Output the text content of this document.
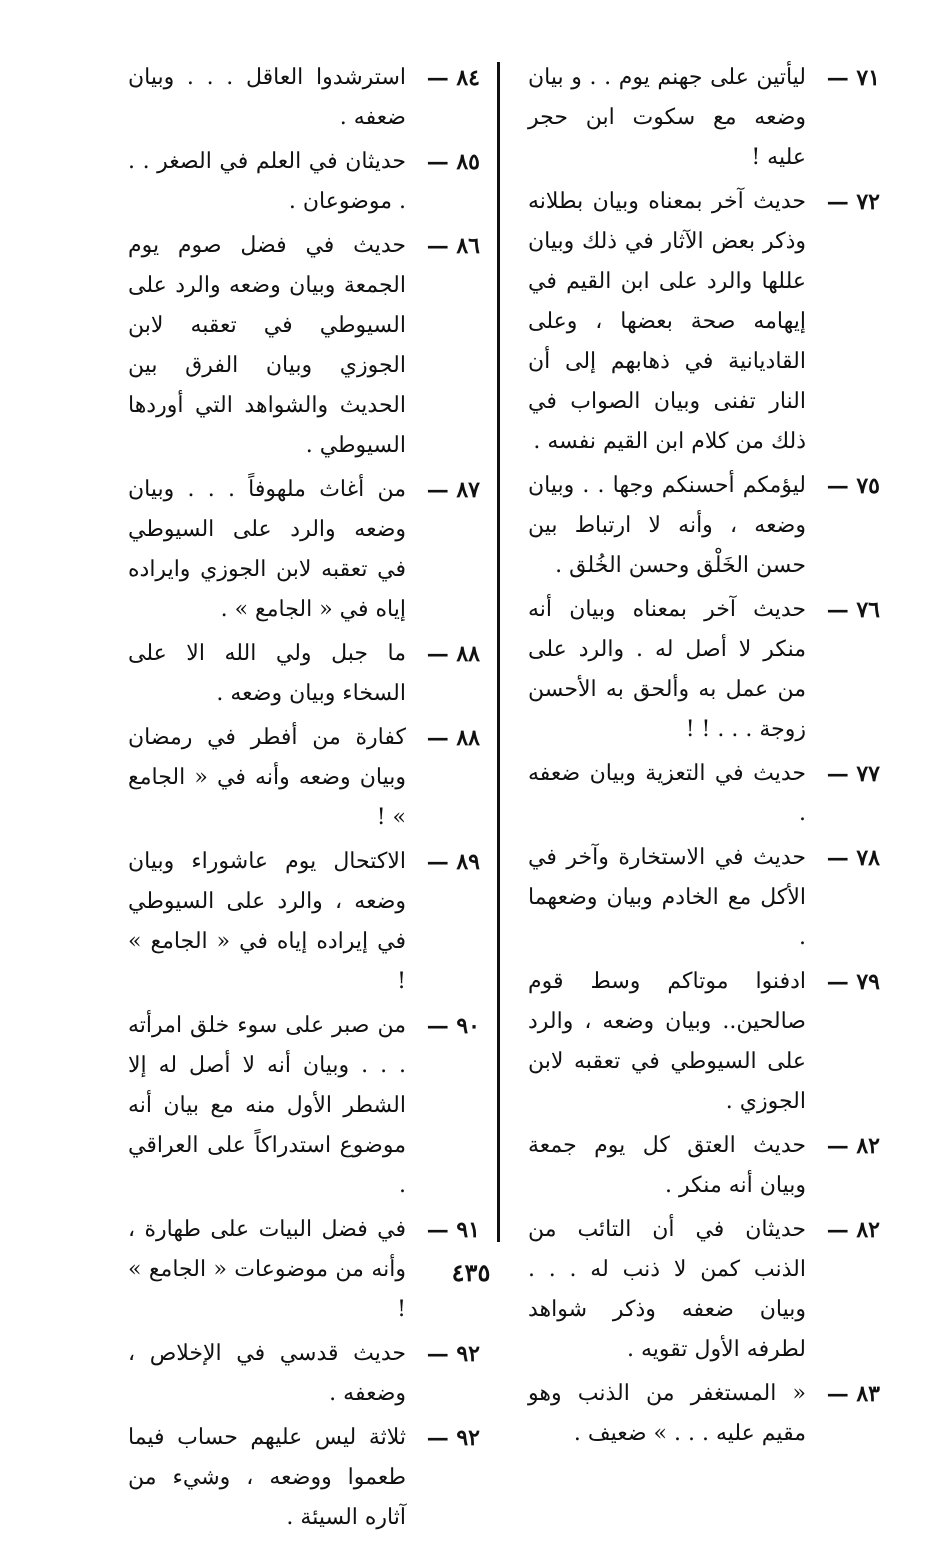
٧١ —
ليأتين على جهنم يوم . . و بيان وضعه مع سكوت ابن حجر عليه !
٧٢ —
حديث آخر بمعناه وبيان بطلانه وذكر بعض الآثار في ذلك وبيان عللها والرد على ابن القيم في إيهامه صحة بعضها ، وعلى القاديانية في ذهابهم إلى أن النار تفنى وبيان الصواب في ذلك من كلام ابن القيم نفسه .
٧٥ —
ليؤمكم أحسنكم وجها . . وبيان وضعه ، وأنه لا ارتباط بين حسن الخَلْق وحسن الخُلق .
٧٦ —
حديث آخر بمعناه وبيان أنه منكر لا أصل له . والرد على من عمل به وألحق به الأحسن زوجة . . . ! !
٧٧ —
حديث في التعزية وبيان ضعفه .
٧٨ —
حديث في الاستخارة وآخر في الأكل مع الخادم وبيان وضعهما .
٧٩ —
ادفنوا موتاكم وسط قوم صالحين.. وبيان وضعه ، والرد على السيوطي في تعقبه لابن الجوزي .
٨٢ —
حديث العتق كل يوم جمعة وبيان أنه منكر .
٨٢ —
حديثان في أن التائب من الذنب كمن لا ذنب له . . . وبيان ضعفه وذكر شواهد لطرفه الأول تقويه .
٨٣ —
« المستغفر من الذنب وهو مقيم عليه . . . » ضعيف .
٨٤ —
استرشدوا العاقل . . . وبيان ضعفه .
٨٥ —
حديثان في العلم في الصغر . . . موضوعان .
٨٦ —
حديث في فضل صوم يوم الجمعة وبيان وضعه والرد على السيوطي في تعقبه لابن الجوزي وبيان الفرق بين الحديث والشواهد التي أوردها السيوطي .
٨٧ —
من أغاث ملهوفاً . . . وبيان وضعه والرد على السيوطي في تعقبه لابن الجوزي وايراده إياه في « الجامع » .
٨٨ —
ما جبل ولي الله الا على السخاء وبيان وضعه .
٨٨ —
كفارة من أفطر في رمضان وبيان وضعه وأنه في « الجامع » !
٨٩ —
الاكتحال يوم عاشوراء وبيان وضعه ، والرد على السيوطي في إيراده إياه في « الجامع » !
٩٠ —
من صبر على سوء خلق امرأته . . . وبيان أنه لا أصل له إلا الشطر الأول منه مع بيان أنه موضوع استدراكاً على العراقي .
٩١ —
في فضل البيات على طهارة ، وأنه من موضوعات « الجامع » !
٩٢ —
حديث قدسي في الإخلاص ، وضعفه .
٩٢ —
ثلاثة ليس عليهم حساب فيما طعموا ووضعه ، وشيء من آثاره السيئة .
٤٣٥
